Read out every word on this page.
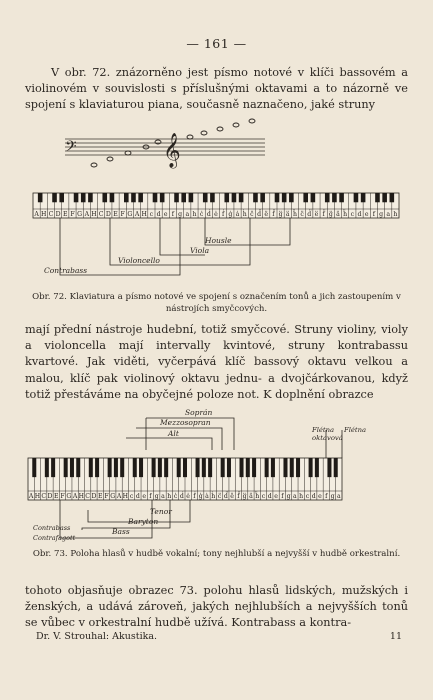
— 161 —
V obr. 72. znázorněno jest písmo notové v klíči bassovém a violinovém v souvislosti s příslušnými oktavami a to názorně ve spojení s klaviaturou piana, současně naznačeno, jaké struny
𝄢	𝄞
A H C D E F G A H C D E F G A H c d e f g a h c̍ d̍ e̍ f̍ g̍ a̍ h̍ c̎ d̎ e̎ f̎ g̎ a̎ h̎ c̎ d̎ e̎ f̎ g̎ a̎ h̎ c d e f g a h
Housle
Viola
Violoncello
Contrabass
A H C D E F G A H C D E F G A H c d e f g a h c̍ d̍ e̍ f̍ g̍ a̍ h̍ c̎ d̎ e̎ f̎ g̎ a̎ h̎ c d e f g a h c d e f g a
Soprán
Mezzosopran
Alt	Flétna
oktavová
Flétna
Tenor
Baryton
Bass
Contrabass
Contrafagott
Obr. 72. Klaviatura a písmo notové ve spojení s označením tonů a jich zastoupením v nástrojích smyčcových.
mají přední nástroje hudební, totiž smyčcové. Struny violiny, violy a violoncella mají intervally kvintové, struny kontrabassu kvartové. Jak viděti, vyčerpává klíč bassový oktavu velkou a malou, klíč pak violinový oktavu jednu- a dvojčárkovanou, když totiž přestáváme na obyčejné poloze not. K doplnění obrazce
Obr. 73. Poloha hlasů v hudbě vokalní; tony nejhlubší a nejvyšší v hudbě orkestralní.
tohoto objasňuje obrazec 73. polohu hlasů lidských, mužských i ženských, a udává zároveň, jakých nejhlubších a nejvyšších tonů se vůbec v orkestralní hudbě užívá. Kontrabass a kontra-
Dr. V. Strouhal: Akustika.	11
